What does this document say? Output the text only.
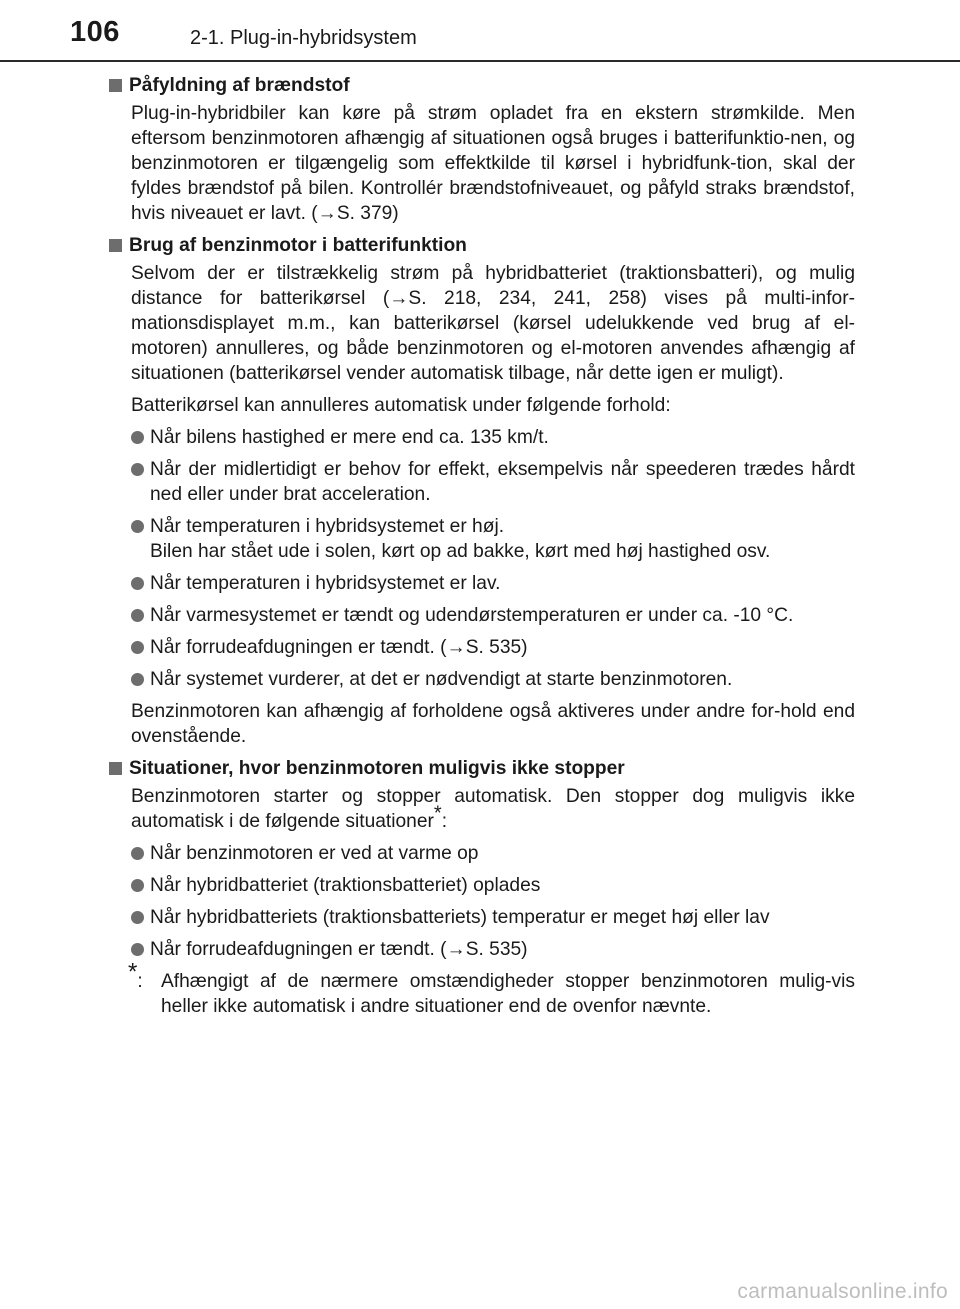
106	2-1. Plug-in-hybridsystem
Påfyldning af brændstof

Plug-in-hybridbiler kan køre på strøm opladet fra en ekstern strømkilde. Men eftersom benzinmotoren afhængig af situationen også bruges i batterifunktio-nen, og benzinmotoren er tilgængelig som effektkilde til kørsel i hybridfunk-tion, skal der fyldes brændstof på bilen. Kontrollér brændstofniveauet, og påfyld straks brændstof, hvis niveauet er lavt. (→S. 379)

Brug af benzinmotor i batterifunktion

Selvom der er tilstrækkelig strøm på hybridbatteriet (traktionsbatteri), og mulig distance for batterikørsel (→S. 218, 234, 241, 258) vises på multi-infor-mationsdisplayet m.m., kan batterikørsel (kørsel udelukkende ved brug af el-motoren) annulleres, og både benzinmotoren og el-motoren anvendes afhængig af situationen (batterikørsel vender automatisk tilbage, når dette igen er muligt).

Batterikørsel kan annulleres automatisk under følgende forhold:

Når bilens hastighed er mere end ca. 135 km/t.
Når der midlertidigt er behov for effekt, eksempelvis når speederen trædes hårdt ned eller under brat acceleration.
Når temperaturen i hybridsystemet er høj.
Bilen har stået ude i solen, kørt op ad bakke, kørt med høj hastighed osv.
Når temperaturen i hybridsystemet er lav.
Når varmesystemet er tændt og udendørstemperaturen er under ca. -10 °C.
Når forrudeafdugningen er tændt. (→S. 535)
Når systemet vurderer, at det er nødvendigt at starte benzinmotoren.

Benzinmotoren kan afhængig af forholdene også aktiveres under andre for-hold end ovenstående.

Situationer, hvor benzinmotoren muligvis ikke stopper

Benzinmotoren starter og stopper automatisk. Den stopper dog muligvis ikke automatisk i de følgende situationer*:

Når benzinmotoren er ved at varme op
Når hybridbatteriet (traktionsbatteriet) oplades
Når hybridbatteriets (traktionsbatteriets) temperatur er meget høj eller lav
Når forrudeafdugningen er tændt. (→S. 535)
*: Afhængigt af de nærmere omstændigheder stopper benzinmotoren mulig-vis heller ikke automatisk i andre situationer end de ovenfor nævnte.
carmanualsonline.info
